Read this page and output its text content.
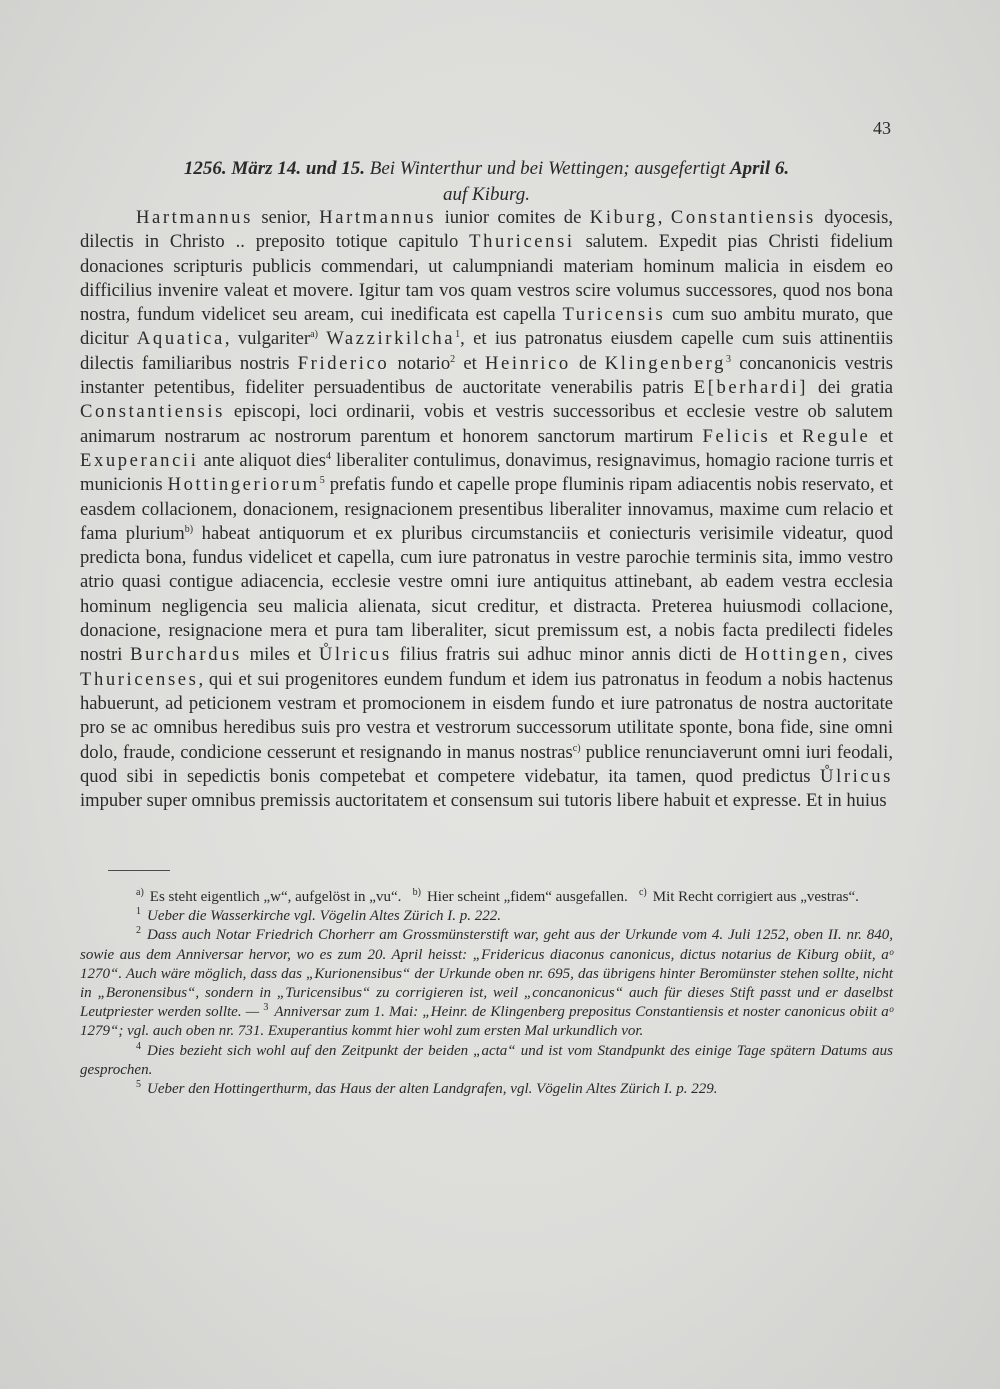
43
1256. März 14. und 15. Bei Winterthur und bei Wettingen; ausgefertigt April 6.
auf Kiburg.

Hartmannus senior, Hartmannus iunior comites de Kiburg, Constantiensis dyocesis, dilectis in Christo .. preposito totique capitulo Thuricensi salutem. Expedit pias Christi fidelium donaciones scripturis publicis commendari, ut calumpniandi materiam hominum malicia in eisdem eo difficilius invenire valeat et movere. Igitur tam vos quam vestros scire volumus successores, quod nos bona nostra, fundum videlicet seu aream, cui inedificata est capella Turicensis cum suo ambitu murato, que dicitur Aquatica, vulgariter$^{a)}$ Wazzirkilcha$^1$, et ius patronatus eiusdem capelle cum suis attinentiis dilectis familiaribus nostris Friderico notario$^2$ et Heinrico de Klingenberg$^3$ concanonicis vestris instanter petentibus, fideliter persuadentibus de auctoritate venerabilis patris E[berhardi] dei gratia Constantiensis episcopi, loci ordinarii, vobis et vestris successoribus et ecclesie vestre ob salutem animarum nostrarum ac nostrorum parentum et honorem sanctorum martirum Felicis et Regule et Exuperancii ante aliquot dies$^4$ liberaliter contulimus, donavimus, resignavimus, homagio racione turris et municionis Hottingeriorum$^5$ prefatis fundo et capelle prope fluminis ripam adiacentis nobis reservato, et easdem collacionem, donacionem, resignacionem presentibus liberaliter innovamus, maxime cum relacio et fama plurium$^{b)}$ habeat antiquorum et ex pluribus circumstanciis et coniecturis verisimile videatur, quod predicta bona, fundus videlicet et capella, cum iure patronatus in vestre parochie terminis sita, immo vestro atrio quasi contigue adiacencia, ecclesie vestre omni iure antiquitus attinebant, ab eadem vestra ecclesia hominum negligencia seu malicia alienata, sicut creditur, et distracta. Preterea huiusmodi collacione, donacione, resignacione mera et pura tam liberaliter, sicut premissum est, a nobis facta predilecti fideles nostri Burchardus miles et Ůlricus filius fratris sui adhuc minor annis dicti de Hottingen, cives Thuricenses, qui et sui progenitores eundem fundum et idem ius patronatus in feodum a nobis hactenus habuerunt, ad peticionem vestram et promocionem in eisdem fundo et iure patronatus de nostra auctoritate pro se ac omnibus heredibus suis pro vestra et vestrorum successorum utilitate sponte, bona fide, sine omni dolo, fraude, condicione cesserunt et resignando in manus nostras$^{c)}$ publice renunciaverunt omni iuri feodali, quod sibi in sepedictis bonis competebat et competere videbatur, ita tamen, quod predictus Ůlricus impuber super omnibus premissis auctoritatem et consensum sui tutoris libere habuit et expresse. Et in huius

$^{a)}$ Es steht eigentlich „w“, aufgelöst in „vu“. $^{b)}$ Hier scheint „fidem“ ausgefallen. $^{c)}$ Mit Recht corrigiert aus „vestras“.

$^1$ Ueber die Wasserkirche vgl. Vögelin Altes Zürich I. p. 222.

$^2$ Dass auch Notar Friedrich Chorherr am Grossmünsterstift war, geht aus der Urkunde vom 4. Juli 1252, oben II. nr. 840, sowie aus dem Anniversar hervor, wo es zum 20. April heisst: „Fridericus diaconus canonicus, dictus notarius de Kiburg obiit, aᵒ 1270“. Auch wäre möglich, dass das „Kurionensibus“ der Urkunde oben nr. 695, das übrigens hinter Beromünster stehen sollte, nicht in „Beronensibus“, sondern in „Turicensibus“ zu corrigieren ist, weil „concanonicus“ auch für dieses Stift passt und er daselbst Leutpriester werden sollte. — $^3$ Anniversar zum 1. Mai: „Heinr. de Klingenberg prepositus Constantiensis et noster canonicus obiit aᵒ 1279“; vgl. auch oben nr. 731. Exuperantius kommt hier wohl zum ersten Mal urkundlich vor.

$^4$ Dies bezieht sich wohl auf den Zeitpunkt der beiden „acta“ und ist vom Standpunkt des einige Tage spätern Datums aus gesprochen.

$^5$ Ueber den Hottingerthurm, das Haus der alten Landgrafen, vgl. Vögelin Altes Zürich I. p. 229.
